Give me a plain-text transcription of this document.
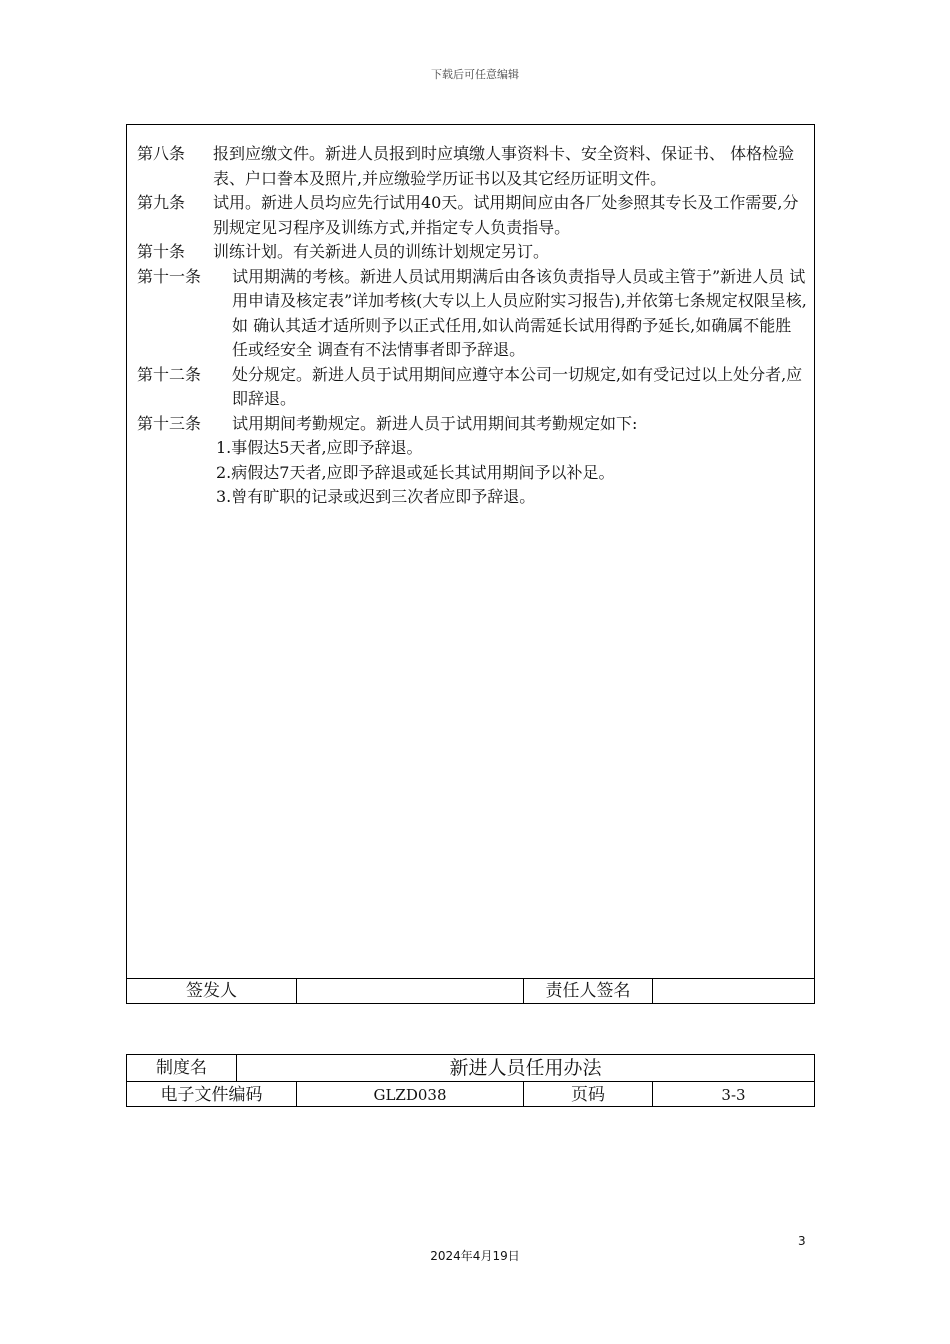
下载后可任意编辑
第八条	报到应缴文件。新进人员报到时应填缴人事资料卡、安全资料、保证书、 体格检验表、户口誊本及照片,并应缴验学历证书以及其它经历证明文件。
第九条	试用。新进人员均应先行试用40天。试用期间应由各厂处参照其专长及工作需要,分别规定见习程序及训练方式,并指定专人负责指导。
第十条	训练计划。有关新进人员的训练计划规定另订。
第十一条	试用期满的考核。新进人员试用期满后由各该负责指导人员或主管于”新进人员 试用申请及核定表”详加考核(大专以上人员应附实习报告),并依第七条规定权限呈核,如 确认其适才适所则予以正式任用,如认尚需延长试用得酌予延长,如确属不能胜任或经安全 调查有不法情事者即予辞退。
第十二条	处分规定。新进人员于试用期间应遵守本公司一切规定,如有受记过以上处分者,应即辞退。
第十三条	试用期间考勤规定。新进人员于试用期间其考勤规定如下:
1.事假达5天者,应即予辞退。
2.病假达7天者,应即予辞退或延长其试用期间予以补足。
3.曾有旷职的记录或迟到三次者应即予辞退。
签发人	责任人签名
制度名	新进人员任用办法
电子文件编码	GLZD038	页码	3-3
3
2024年4月19日
